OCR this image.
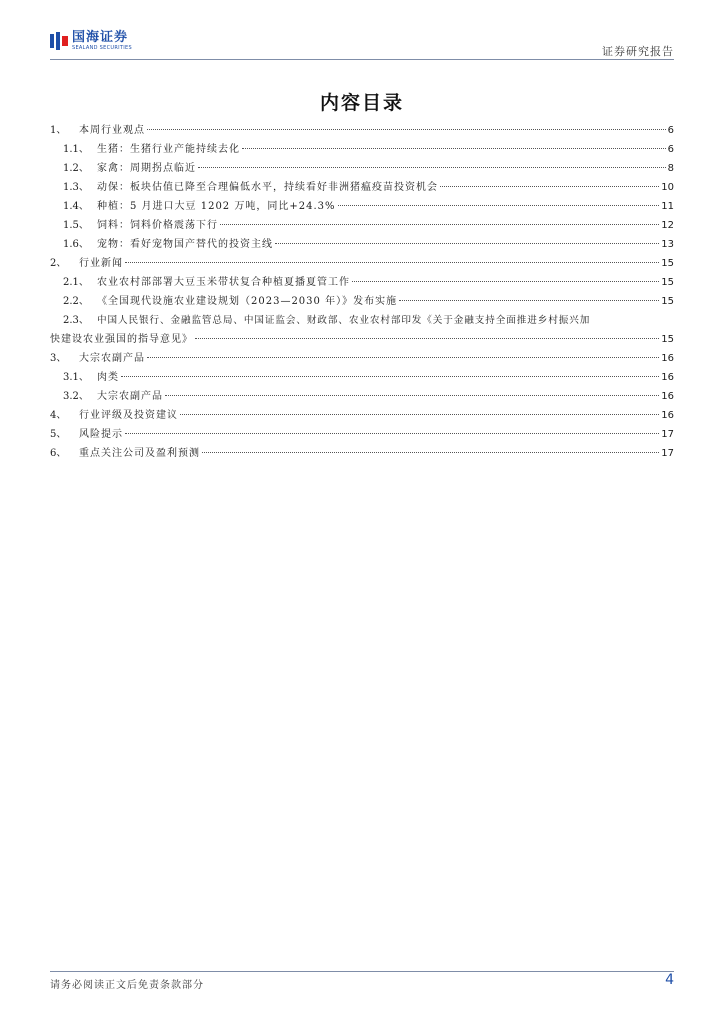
国海证券
SEALAND SECURITIES	证券研究报告
内容目录
1、	本周行业观点	6
1.1、 生猪：生猪行业产能持续去化	6
1.2、 家禽：周期拐点临近	8
1.3、 动保：板块估值已降至合理偏低水平，持续看好非洲猪瘟疫苗投资机会	10
1.4、 种植：5 月进口大豆 1202 万吨，同比+24.3%	11
1.5、 饲料：饲料价格震荡下行	12
1.6、 宠物：看好宠物国产替代的投资主线	13
2、	行业新闻	15
2.1、 农业农村部部署大豆玉米带状复合种植夏播夏管工作	15
2.2、 《全国现代设施农业建设规划（2023—2030 年）》发布实施	15
2.3、 中国人民银行、金融监管总局、中国证监会、财政部、农业农村部印发《关于金融支持全面推进乡村振兴加
快建设农业强国的指导意见》	15
3、	大宗农副产品	16
3.1、 肉类	16
3.2、 大宗农副产品	16
4、	行业评级及投资建议	16
5、	风险提示	17
6、	重点关注公司及盈利预测	17
请务必阅读正文后免责条款部分	4
